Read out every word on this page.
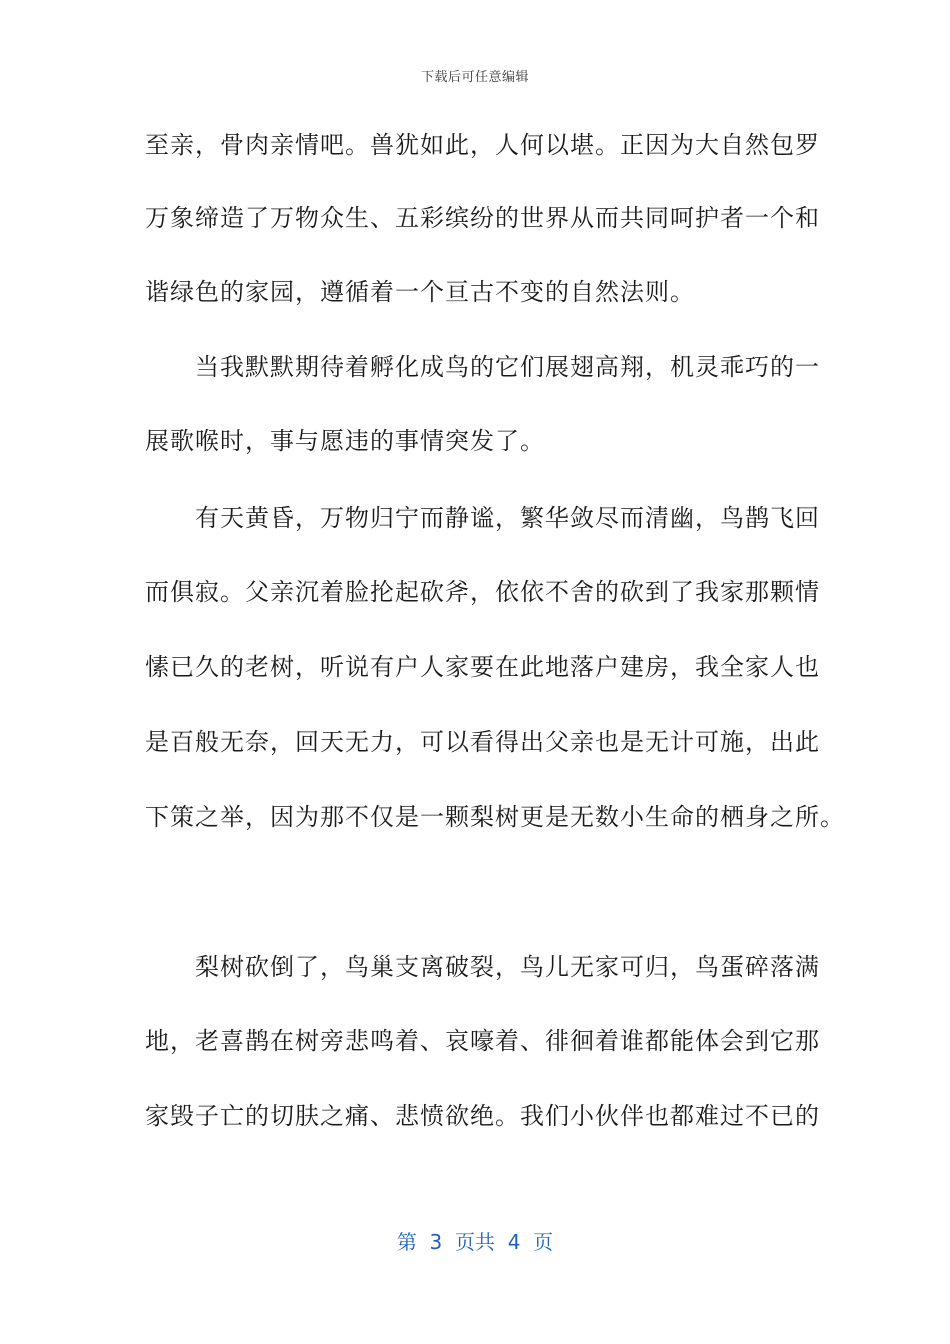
下载后可任意编辑
至亲，骨肉亲情吧。兽犹如此，人何以堪。正因为大自然包罗
万象缔造了万物众生、五彩缤纷的世界从而共同呵护者一个和
谐绿色的家园，遵循着一个亘古不变的自然法则。
　　当我默默期待着孵化成鸟的它们展翅高翔，机灵乖巧的一
展歌喉时，事与愿违的事情突发了。
　　有天黄昏，万物归宁而静谧，繁华敛尽而清幽，鸟鹊飞回
而俱寂。父亲沉着脸抡起砍斧，依依不舍的砍到了我家那颗情
愫已久的老树，听说有户人家要在此地落户建房，我全家人也
是百般无奈，回天无力，可以看得出父亲也是无计可施，出此
下策之举，因为那不仅是一颗梨树更是无数小生命的栖身之所。
　　梨树砍倒了，鸟巢支离破裂，鸟儿无家可归，鸟蛋碎落满
地，老喜鹊在树旁悲鸣着、哀嚎着、徘徊着谁都能体会到它那
家毁子亡的切肤之痛、悲愤欲绝。我们小伙伴也都难过不已的
第  3  页共  4  页
